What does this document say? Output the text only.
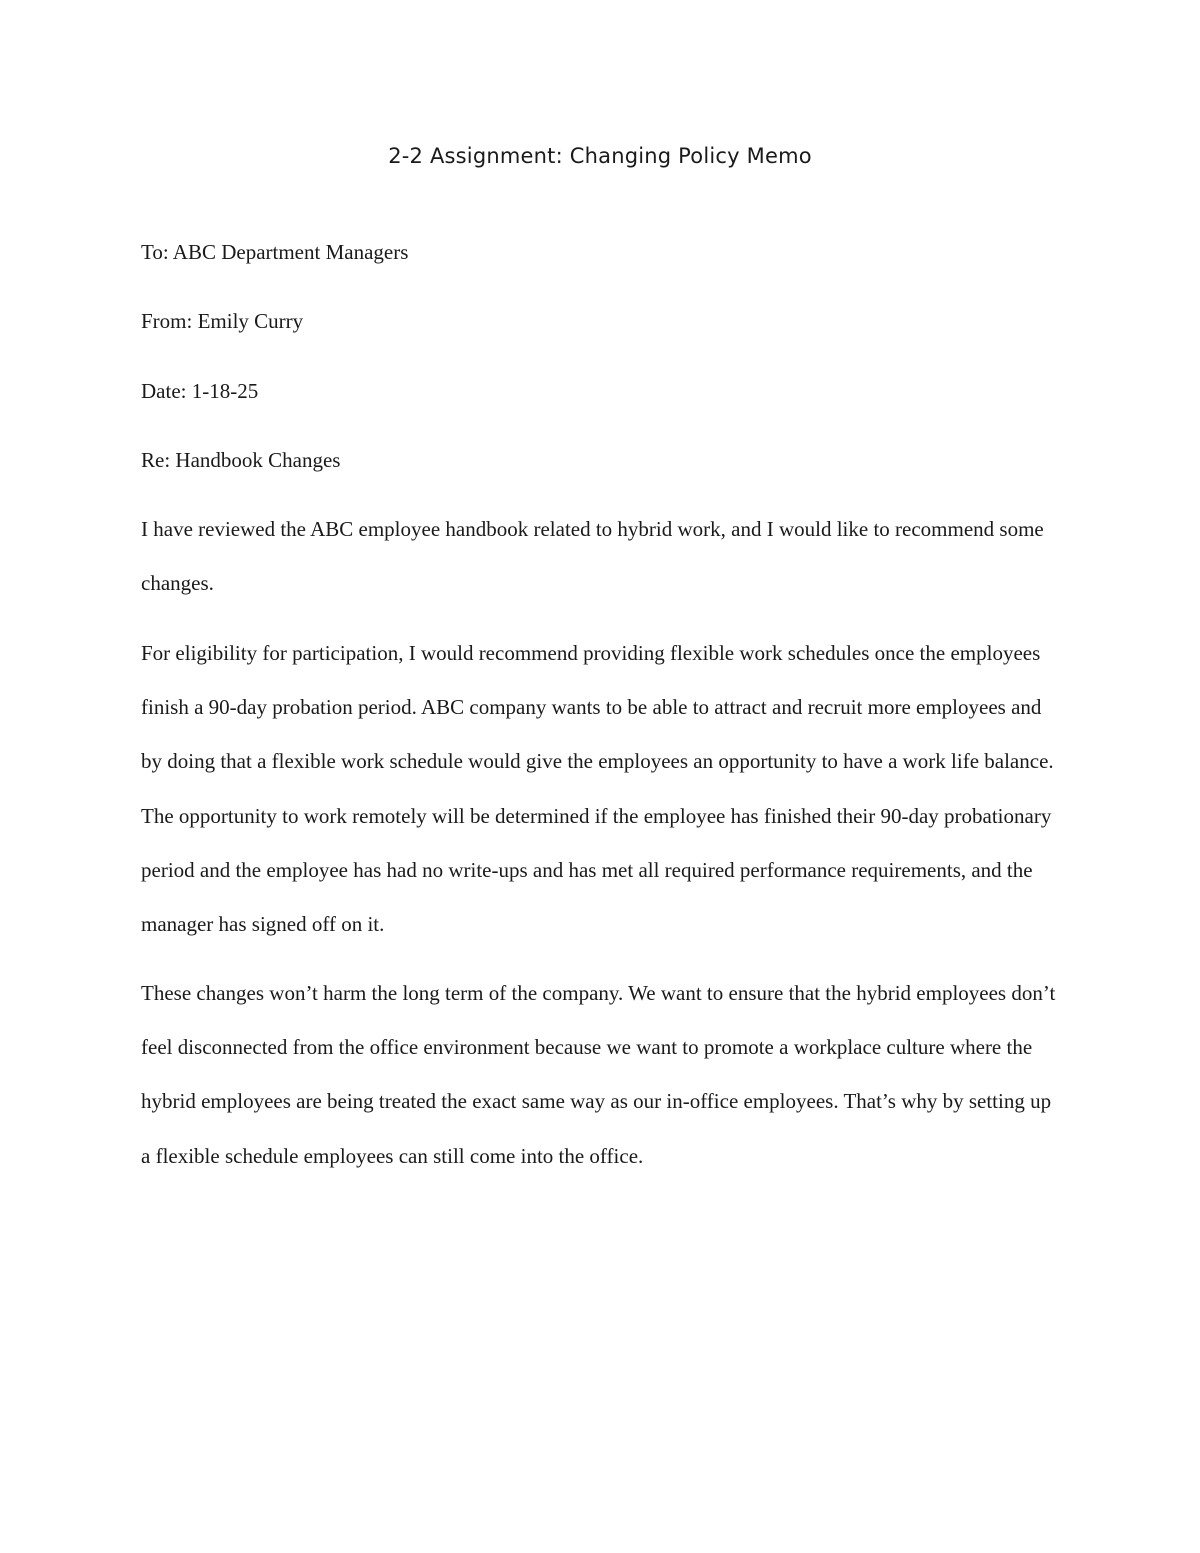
2-2 Assignment: Changing Policy Memo

To: ABC Department Managers

From: Emily Curry

Date: 1-18-25

Re: Handbook Changes

I have reviewed the ABC employee handbook related to hybrid work, and I would like to recommend some changes.

For eligibility for participation, I would recommend providing flexible work schedules once the employees finish a 90-day probation period. ABC company wants to be able to attract and recruit more employees and by doing that a flexible work schedule would give the employees an opportunity to have a work life balance. The opportunity to work remotely will be determined if the employee has finished their 90-day probationary period and the employee has had no write-ups and has met all required performance requirements, and the manager has signed off on it.

These changes won’t harm the long term of the company. We want to ensure that the hybrid employees don’t feel disconnected from the office environment because we want to promote a workplace culture where the hybrid employees are being treated the exact same way as our in-office employees. That’s why by setting up a flexible schedule employees can still come into the office.
